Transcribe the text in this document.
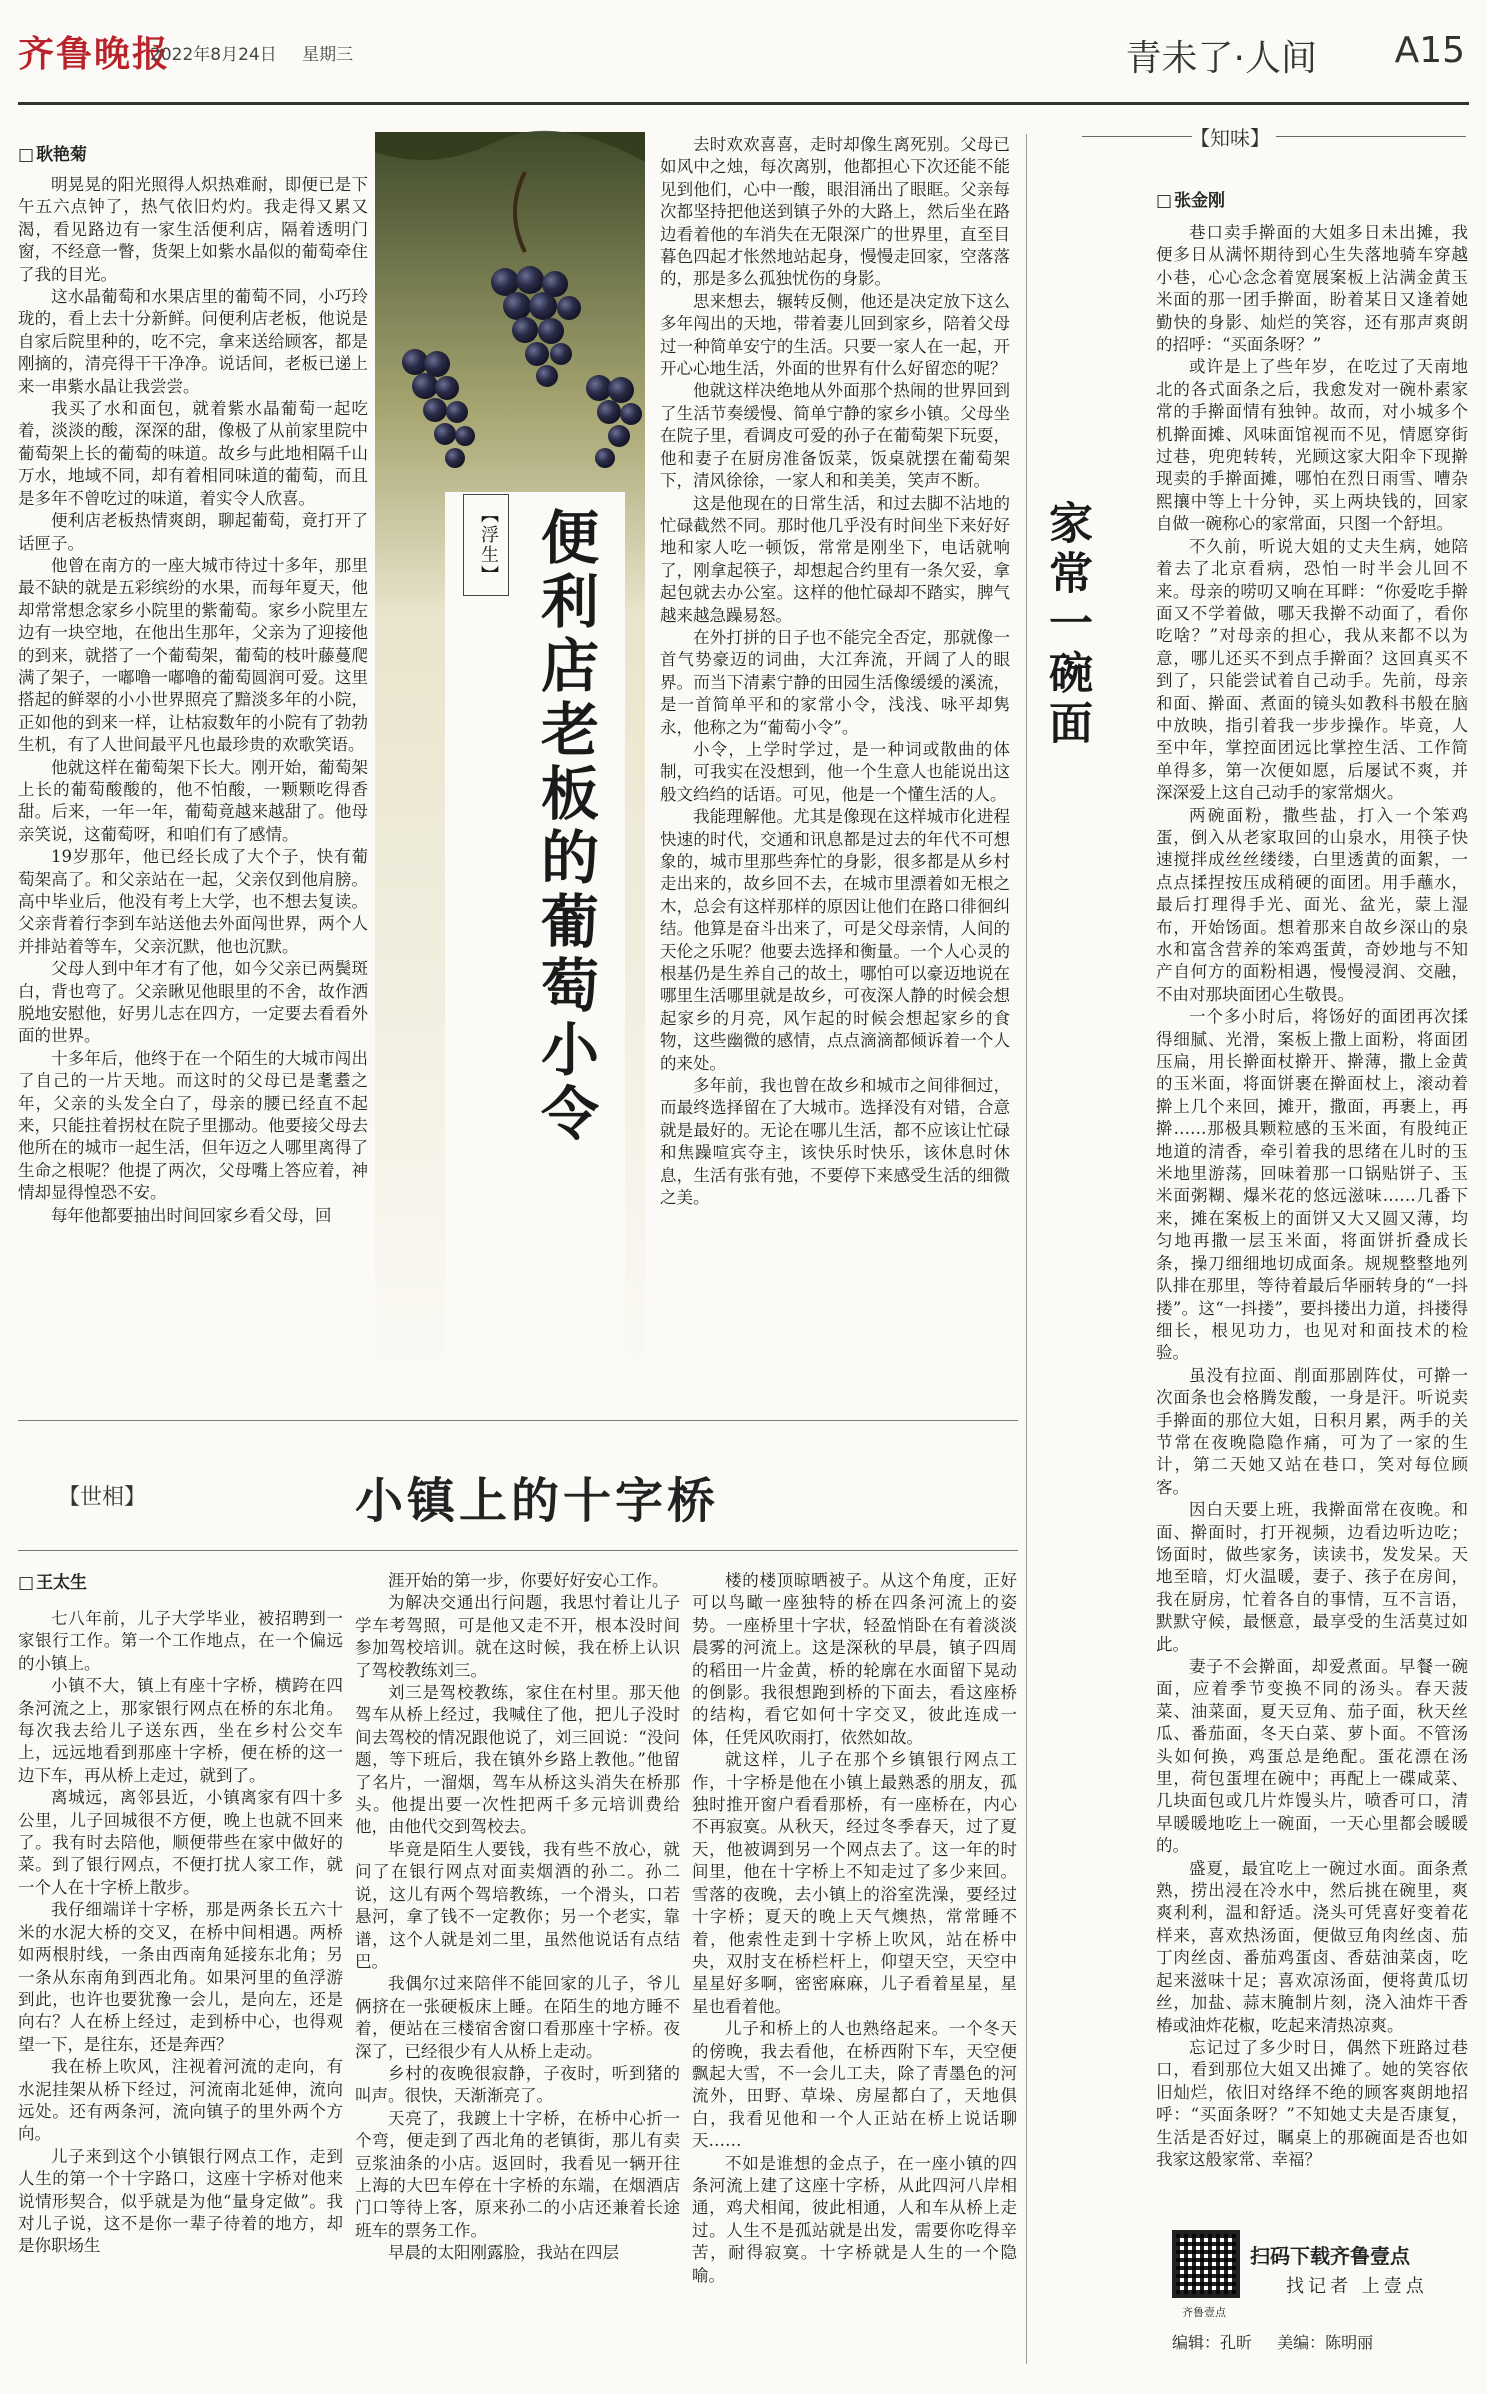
齐鲁晚报
2022年8月24日 星期三	青未了·人间 A15
□ 耿艳菊

明晃晃的阳光照得人炽热难耐，即便已是下午五六点钟了，热气依旧灼灼。我走得又累又渴，看见路边有一家生活便利店，隔着透明门窗，不经意一瞥，货架上如紫水晶似的葡萄牵住了我的目光。

这水晶葡萄和水果店里的葡萄不同，小巧玲珑的，看上去十分新鲜。问便利店老板，他说是自家后院里种的，吃不完，拿来送给顾客，都是刚摘的，清亮得干干净净。说话间，老板已递上来一串紫水晶让我尝尝。

我买了水和面包，就着紫水晶葡萄一起吃着，淡淡的酸，深深的甜，像极了从前家里院中葡萄架上长的葡萄的味道。故乡与此地相隔千山万水，地域不同，却有着相同味道的葡萄，而且是多年不曾吃过的味道，着实令人欣喜。

便利店老板热情爽朗，聊起葡萄，竟打开了话匣子。

他曾在南方的一座大城市待过十多年，那里最不缺的就是五彩缤纷的水果，而每年夏天，他却常常想念家乡小院里的紫葡萄。家乡小院里左边有一块空地，在他出生那年，父亲为了迎接他的到来，就搭了一个葡萄架，葡萄的枝叶藤蔓爬满了架子，一嘟噜一嘟噜的葡萄圆润可爱。这里搭起的鲜翠的小小世界照亮了黯淡多年的小院，正如他的到来一样，让枯寂数年的小院有了勃勃生机，有了人世间最平凡也最珍贵的欢歌笑语。

他就这样在葡萄架下长大。刚开始，葡萄架上长的葡萄酸酸的，他不怕酸，一颗颗吃得香甜。后来，一年一年，葡萄竟越来越甜了。他母亲笑说，这葡萄呀，和咱们有了感情。

19岁那年，他已经长成了大个子，快有葡萄架高了。和父亲站在一起，父亲仅到他肩膀。高中毕业后，他没有考上大学，也不想去复读。父亲背着行李到车站送他去外面闯世界，两个人并排站着等车，父亲沉默，他也沉默。

父母人到中年才有了他，如今父亲已两鬓斑白，背也弯了。父亲瞅见他眼里的不舍，故作洒脱地安慰他，好男儿志在四方，一定要去看看外面的世界。

十多年后，他终于在一个陌生的大城市闯出了自己的一片天地。而这时的父母已是耄耋之年，父亲的头发全白了，母亲的腰已经直不起来，只能拄着拐杖在院子里挪动。他要接父母去他所在的城市一起生活，但年迈之人哪里离得了生命之根呢？他提了两次，父母嘴上答应着，神情却显得惶恐不安。

每年他都要抽出时间回家乡看父母，回

【浮生】 便利店老板的葡萄小令

去时欢欢喜喜，走时却像生离死别。父母已如风中之烛，每次离别，他都担心下次还能不能见到他们，心中一酸，眼泪涌出了眼眶。父亲每次都坚持把他送到镇子外的大路上，然后坐在路边看着他的车消失在无限深广的世界里，直至目暮色四起才怅然地站起身，慢慢走回家，空落落的，那是多么孤独忧伤的身影。

思来想去，辗转反侧，他还是决定放下这么多年闯出的天地，带着妻儿回到家乡，陪着父母过一种简单安宁的生活。只要一家人在一起，开开心心地生活，外面的世界有什么好留恋的呢？

他就这样决绝地从外面那个热闹的世界回到了生活节奏缓慢、简单宁静的家乡小镇。父母坐在院子里，看调皮可爱的孙子在葡萄架下玩耍，他和妻子在厨房准备饭菜，饭桌就摆在葡萄架下，清风徐徐，一家人和和美美，笑声不断。

这是他现在的日常生活，和过去脚不沾地的忙碌截然不同。那时他几乎没有时间坐下来好好地和家人吃一顿饭，常常是刚坐下，电话就响了，刚拿起筷子，却想起合约里有一条欠妥，拿起包就去办公室。这样的他忙碌却不踏实，脾气越来越急躁易怒。

在外打拼的日子也不能完全否定，那就像一首气势豪迈的词曲，大江奔流，开阔了人的眼界。而当下清素宁静的田园生活像缓缓的溪流，是一首简单平和的家常小令，浅浅、咏平却隽永，他称之为“葡萄小令”。

小令，上学时学过，是一种词或散曲的体制，可我实在没想到，他一个生意人也能说出这般文绉绉的话语。可见，他是一个懂生活的人。

我能理解他。尤其是像现在这样城市化进程快速的时代，交通和讯息都是过去的年代不可想象的，城市里那些奔忙的身影，很多都是从乡村走出来的，故乡回不去，在城市里漂着如无根之木，总会有这样那样的原因让他们在路口徘徊纠结。他算是奋斗出来了，可是父母亲情，人间的天伦之乐呢？他要去选择和衡量。一个人心灵的根基仍是生养自己的故土，哪怕可以豪迈地说在哪里生活哪里就是故乡，可夜深人静的时候会想起家乡的月亮，风乍起的时候会想起家乡的食物，这些幽微的感情，点点滴滴都倾诉着一个人的来处。

多年前，我也曾在故乡和城市之间徘徊过，而最终选择留在了大城市。选择没有对错，合意就是最好的。无论在哪儿生活，都不应该让忙碌和焦躁喧宾夺主，该快乐时快乐，该休息时休息，生活有张有弛，不要停下来感受生活的细微之美。

【知味】
家常一碗面
□ 张金刚

巷口卖手擀面的大姐多日未出摊，我便多日从满怀期待到心生失落地骑车穿越小巷，心心念念着宽展案板上沾满金黄玉米面的那一团手擀面，盼着某日又逢着她勤快的身影、灿烂的笑容，还有那声爽朗的招呼：“买面条呀？”

或许是上了些年岁，在吃过了天南地北的各式面条之后，我愈发对一碗朴素家常的手擀面情有独钟。故而，对小城多个机擀面摊、风味面馆视而不见，情愿穿街过巷，兜兜转转，光顾这家大阳伞下现擀现卖的手擀面摊，哪怕在烈日雨雪、嘈杂熙攘中等上十分钟，买上两块钱的，回家自做一碗称心的家常面，只图一个舒坦。

不久前，听说大姐的丈夫生病，她陪着去了北京看病，恐怕一时半会儿回不来。母亲的唠叨又响在耳畔：“你爱吃手擀面又不学着做，哪天我擀不动面了，看你吃啥？”对母亲的担心，我从来都不以为意，哪儿还买不到点手擀面？这回真买不到了，只能尝试着自己动手。先前，母亲和面、擀面、煮面的镜头如教科书般在脑中放映，指引着我一步步操作。毕竟，人至中年，掌控面团远比掌控生活、工作简单得多，第一次便如愿，后屡试不爽，并深深爱上这自己动手的家常烟火。

两碗面粉，撒些盐，打入一个笨鸡蛋，倒入从老家取回的山泉水，用筷子快速搅拌成丝丝缕缕，白里透黄的面絮，一点点揉捏按压成稍硬的面团。用手蘸水，最后打理得手光、面光、盆光，蒙上湿布，开始饧面。想着那来自故乡深山的泉水和富含营养的笨鸡蛋黄，奇妙地与不知产自何方的面粉相遇，慢慢浸润、交融，不由对那块面团心生敬畏。

一个多小时后，将饧好的面团再次揉得细腻、光滑，案板上撒上面粉，将面团压扁，用长擀面杖擀开、擀薄，撒上金黄的玉米面，将面饼裹在擀面杖上，滚动着擀上几个来回，摊开，撒面，再裹上，再擀……那极具颗粒感的玉米面，有股纯正地道的清香，牵引着我的思绪在儿时的玉米地里游荡，回味着那一口锅贴饼子、玉米面粥糊、爆米花的悠远滋味……几番下来，摊在案板上的面饼又大又圆又薄，均匀地再撒一层玉米面，将面饼折叠成长条，操刀细细地切成面条。规规整整地列队排在那里，等待着最后华丽转身的“一抖搂”。这“一抖搂”，要抖搂出力道，抖搂得细长，根见功力，也见对和面技术的检验。

虽没有拉面、削面那剧阵仗，可擀一次面条也会格腾发酸，一身是汗。听说卖手擀面的那位大姐，日积月累，两手的关节常在夜晚隐隐作痛，可为了一家的生计，第二天她又站在巷口，笑对每位顾客。

因白天要上班，我擀面常在夜晚。和面、擀面时，打开视频，边看边听边吃；饧面时，做些家务，读读书，发发呆。天地至暗，灯火温暖，妻子、孩子在房间，我在厨房，忙着各自的事情，互不言语，默默守候，最惬意，最享受的生活莫过如此。

妻子不会擀面，却爱煮面。早餐一碗面，应着季节变换不同的汤头。春天菠菜、油菜面，夏天豆角、茄子面，秋天丝瓜、番茄面，冬天白菜、萝卜面。不管汤头如何换，鸡蛋总是绝配。蛋花漂在汤里，荷包蛋埋在碗中；再配上一碟咸菜、几块面包或几片炸馒头片，喷香可口，清早暖暖地吃上一碗面，一天心里都会暖暖的。

盛夏，最宜吃上一碗过水面。面条煮熟，捞出浸在冷水中，然后挑在碗里，爽爽利利，温和舒适。浇头可凭喜好变着花样来，喜欢热汤面，便做豆角肉丝卤、茄丁肉丝卤、番茄鸡蛋卤、香菇油菜卤，吃起来滋味十足；喜欢凉汤面，便将黄瓜切丝，加盐、蒜末腌制片刻，浇入油炸干香椿或油炸花椒，吃起来清热凉爽。

忘记过了多少时日，偶然下班路过巷口，看到那位大姐又出摊了。她的笑容依旧灿烂，依旧对络绎不绝的顾客爽朗地招呼：“买面条呀？”不知她丈夫是否康复，生活是否好过，瞩桌上的那碗面是否也如我家这般家常、幸福？

齐鲁壹点
扫码下载齐鲁壹点
找记者 上壹点
编辑：孔昕 美编：陈明丽
【世相】	小镇上的十字桥
□ 王太生

七八年前，儿子大学毕业，被招聘到一家银行工作。第一个工作地点，在一个偏远的小镇上。

小镇不大，镇上有座十字桥，横跨在四条河流之上，那家银行网点在桥的东北角。每次我去给儿子送东西，坐在乡村公交车上，远远地看到那座十字桥，便在桥的这一边下车，再从桥上走过，就到了。

离城远，离邻县近，小镇离家有四十多公里，儿子回城很不方便，晚上也就不回来了。我有时去陪他，顺便带些在家中做好的菜。到了银行网点，不便打扰人家工作，就一个人在十字桥上散步。

我仔细端详十字桥，那是两条长五六十米的水泥大桥的交叉，在桥中间相遇。两桥如两根肘线，一条由西南角延接东北角；另一条从东南角到西北角。如果河里的鱼浮游到此，也许也要犹豫一会儿，是向左，还是向右？人在桥上经过，走到桥中心，也得观望一下，是往东，还是奔西？

我在桥上吹风，注视着河流的走向，有水泥挂架从桥下经过，河流南北延伸，流向远处。还有两条河，流向镇子的里外两个方向。

儿子来到这个小镇银行网点工作，走到人生的第一个十字路口，这座十字桥对他来说情形契合，似乎就是为他“量身定做”。我对儿子说，这不是你一辈子待着的地方，却是你职场生

涯开始的第一步，你要好好安心工作。

为解决交通出行问题，我思忖着让儿子学车考驾照，可是他又走不开，根本没时间参加驾校培训。就在这时候，我在桥上认识了驾校教练刘三。

刘三是驾校教练，家住在村里。那天他驾车从桥上经过，我喊住了他，把儿子没时间去驾校的情况跟他说了，刘三回说：“没问题，等下班后，我在镇外乡路上教他。”他留了名片，一溜烟，驾车从桥这头消失在桥那头。他提出要一次性把两千多元培训费给他，由他代交到驾校去。

毕竟是陌生人要钱，我有些不放心，就问了在银行网点对面卖烟酒的孙二。孙二说，这儿有两个驾培教练，一个滑头，口若悬河，拿了钱不一定教你；另一个老实，靠谱，这个人就是刘二里，虽然他说话有点结巴。

我偶尔过来陪伴不能回家的儿子，爷儿俩挤在一张硬板床上睡。在陌生的地方睡不着，便站在三楼宿舍窗口看那座十字桥。夜深了，已经很少有人从桥上走动。

乡村的夜晚很寂静，子夜时，听到猪的叫声。很快，天渐渐亮了。

天亮了，我踱上十字桥，在桥中心折一个弯，便走到了西北角的老镇街，那儿有卖豆浆油条的小店。返回时，我看见一辆开往上海的大巴车停在十字桥的东端，在烟酒店门口等待上客，原来孙二的小店还兼着长途班车的票务工作。

早晨的太阳刚露脸，我站在四层

楼的楼顶晾晒被子。从这个角度，正好可以鸟瞰一座独特的桥在四条河流上的姿势。一座桥里十字状，轻盈悄卧在有着淡淡晨雾的河流上。这是深秋的早晨，镇子四周的稻田一片金黄，桥的轮廓在水面留下晃动的倒影。我很想跑到桥的下面去，看这座桥的结构，看它如何十字交叉，彼此连成一体，任凭风吹雨打，依然如故。

就这样，儿子在那个乡镇银行网点工作，十字桥是他在小镇上最熟悉的朋友，孤独时推开窗户看看那桥，有一座桥在，内心不再寂寞。从秋天，经过冬季春天，过了夏天，他被调到另一个网点去了。这一年的时间里，他在十字桥上不知走过了多少来回。雪落的夜晚，去小镇上的浴室洗澡，要经过十字桥；夏天的晚上天气燠热，常常睡不着，他索性走到十字桥上吹风，站在桥中央，双肘支在桥栏杆上，仰望天空，天空中星星好多啊，密密麻麻，儿子看着星星，星星也看着他。

儿子和桥上的人也熟络起来。一个冬天的傍晚，我去看他，在桥西附下车，天空便飘起大雪，不一会儿工夫，除了青墨色的河流外，田野、草垛、房屋都白了，天地俱白，我看见他和一个人正站在桥上说话聊天……

不如是谁想的金点子，在一座小镇的四条河流上建了这座十字桥，从此四河八岸相通，鸡犬相闻，彼此相通，人和车从桥上走过。人生不是孤站就是出发，需要你吃得辛苦，耐得寂寞。十字桥就是人生的一个隐喻。
